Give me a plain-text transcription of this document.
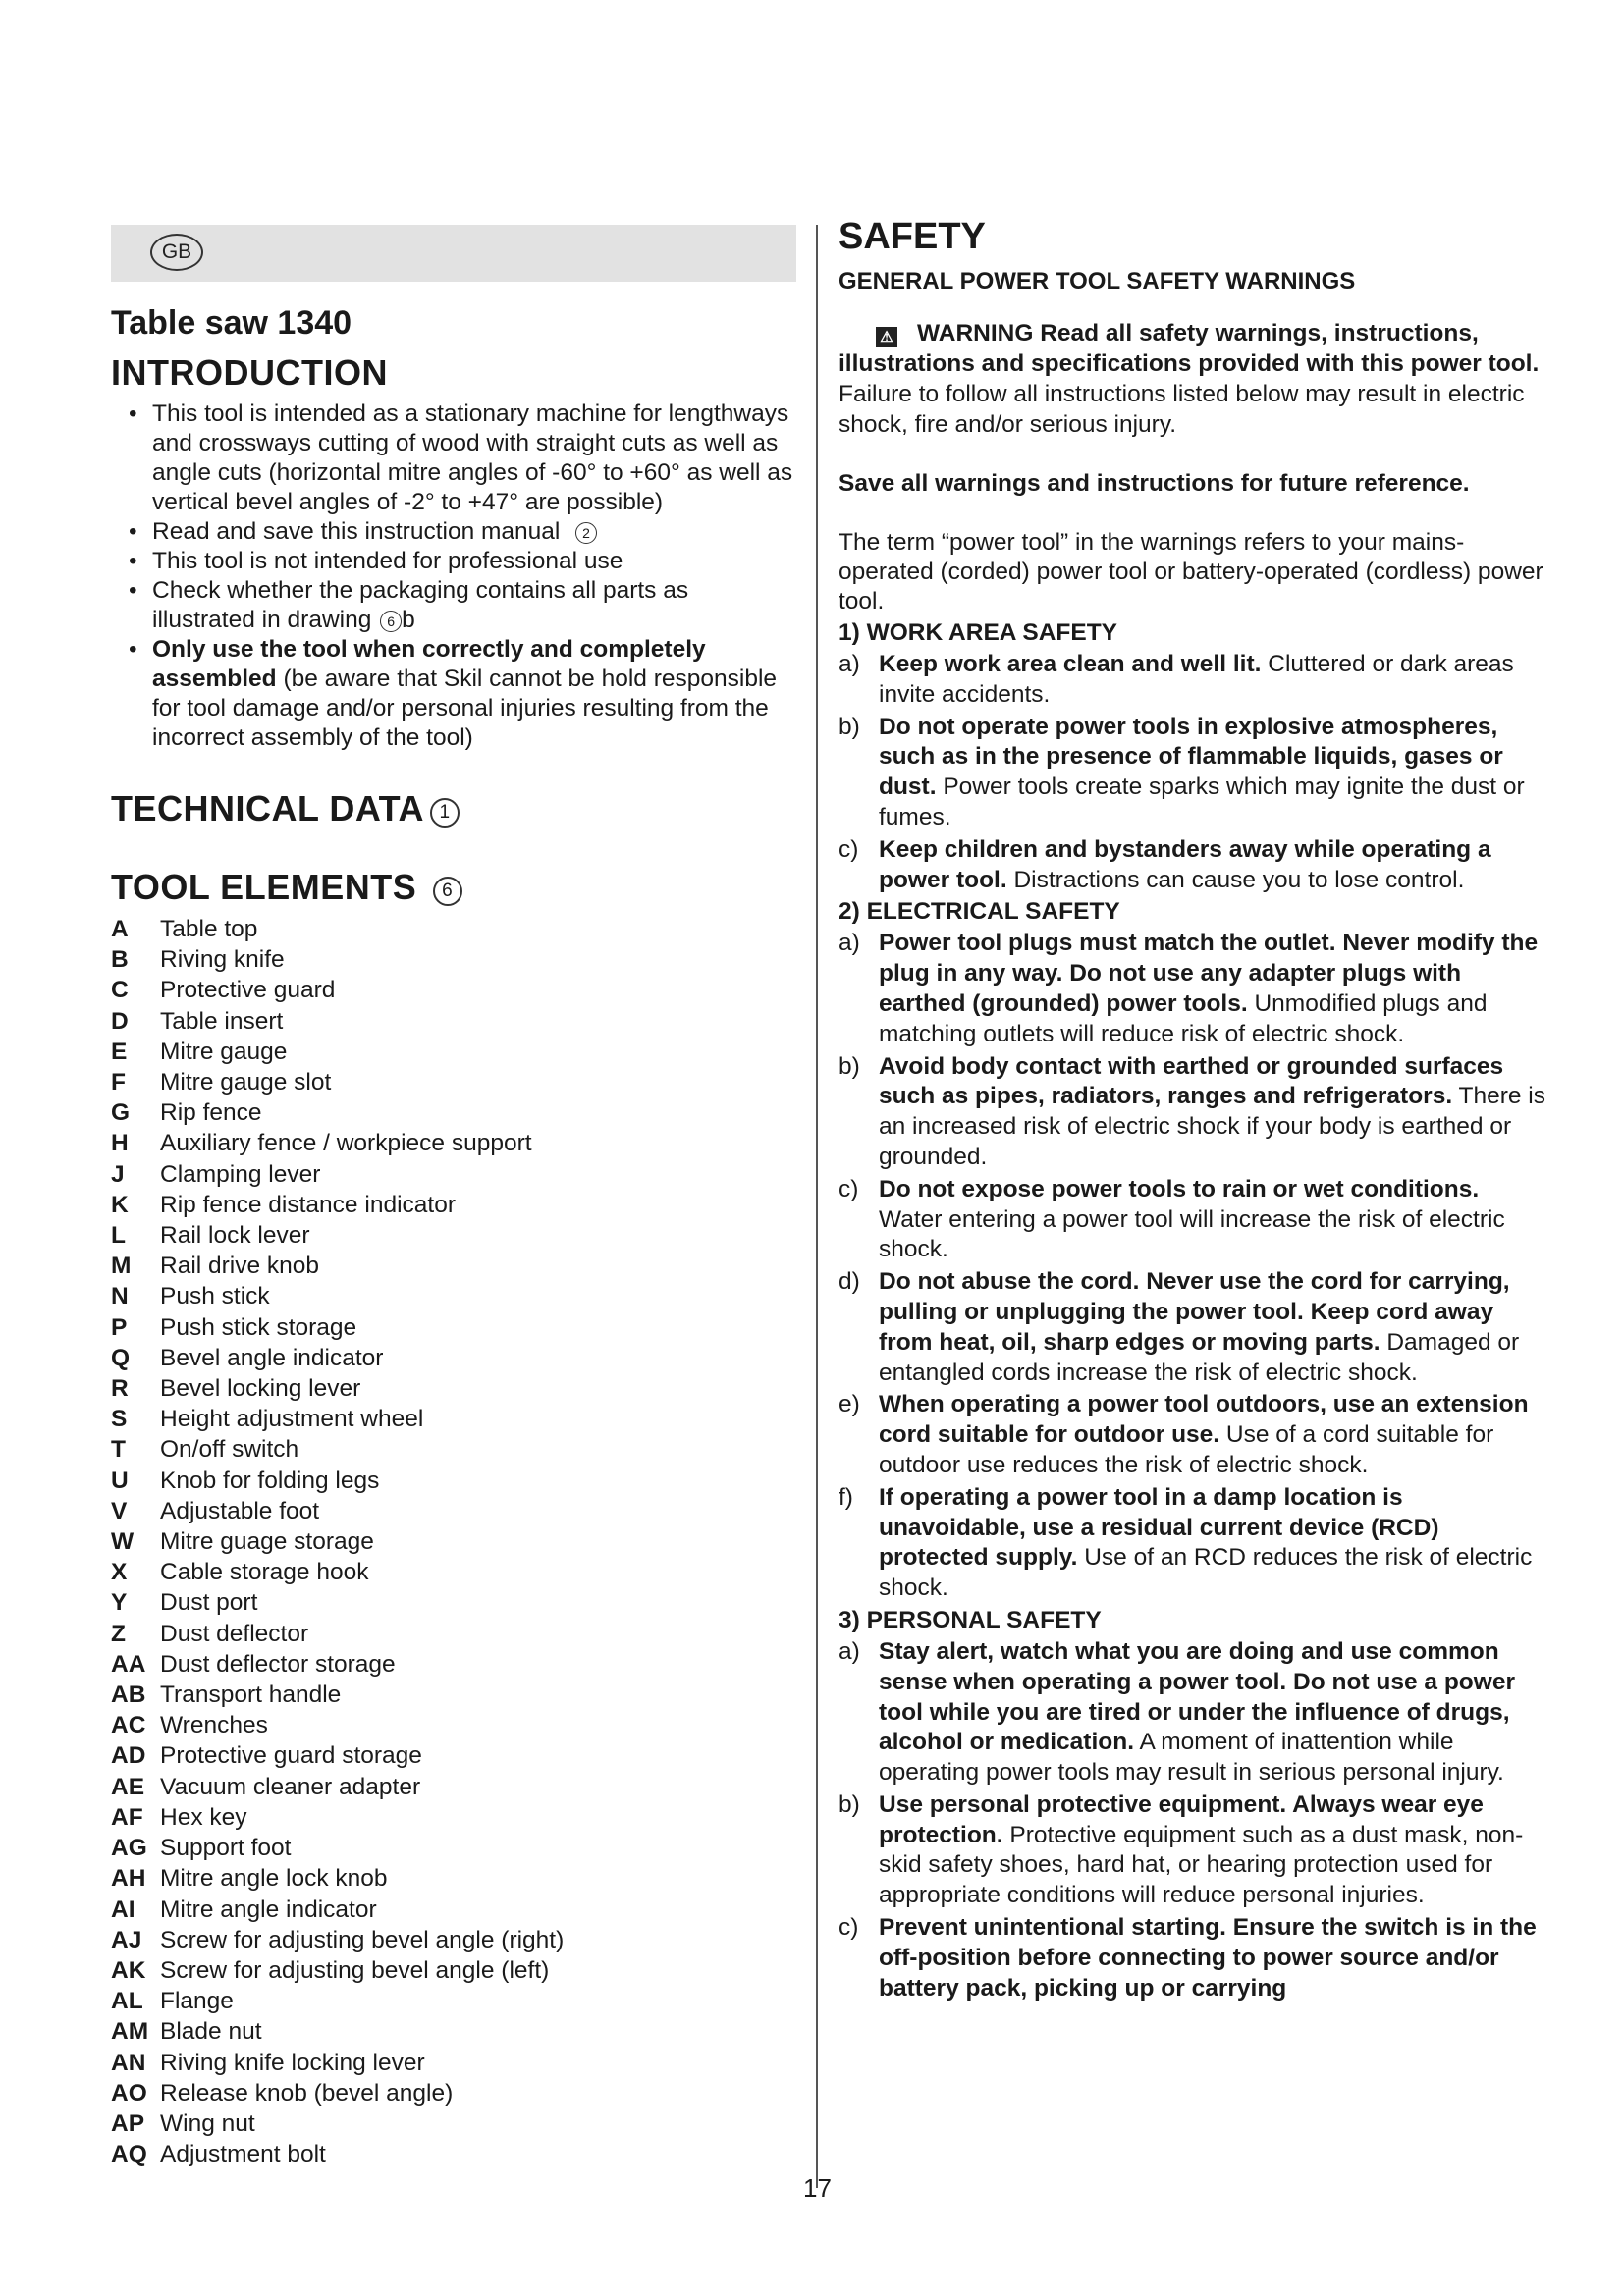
GB
Table saw 1340
INTRODUCTION
• This tool is intended as a stationary machine for lengthways and crossways cutting of wood with straight cuts as well as angle cuts (horizontal mitre angles of -60° to +60° as well as vertical bevel angles of -2° to +47° are possible)
• Read and save this instruction manual 2
• This tool is not intended for professional use
• Check whether the packaging contains all parts as illustrated in drawing 6 b
• Only use the tool when correctly and completely assembled (be aware that Skil cannot be hold responsible for tool damage and/or personal injuries resulting from the incorrect assembly of the tool)
TECHNICAL DATA 1
TOOL ELEMENTS 6
A Table top
B Riving knife
C Protective guard
D Table insert
E Mitre gauge
F Mitre gauge slot
G Rip fence
H Auxiliary fence / workpiece support
J Clamping lever
K Rip fence distance indicator
L Rail lock lever
M Rail drive knob
N Push stick
P Push stick storage
Q Bevel angle indicator
R Bevel locking lever
S Height adjustment wheel
T On/off switch
U Knob for folding legs
V Adjustable foot
W Mitre guage storage
X Cable storage hook
Y Dust port
Z Dust deflector
AA Dust deflector storage
AB Transport handle
AC Wrenches
AD Protective guard storage
AE Vacuum cleaner adapter
AF Hex key
AG Support foot
AH Mitre angle lock knob
AI Mitre angle indicator
AJ Screw for adjusting bevel angle (right)
AK Screw for adjusting bevel angle (left)
AL Flange
AM Blade nut
AN Riving knife locking lever
AO Release knob (bevel angle)
AP Wing nut
AQ Adjustment bolt
17
SAFETY
GENERAL POWER TOOL SAFETY WARNINGS
⚠ WARNING Read all safety warnings, instructions, illustrations and specifications provided with this power tool. Failure to follow all instructions listed below may result in electric shock, fire and/or serious injury.
Save all warnings and instructions for future reference.
The term “power tool” in the warnings refers to your mains-operated (corded) power tool or battery-operated (cordless) power tool.
1) WORK AREA SAFETY
a) Keep work area clean and well lit. Cluttered or dark areas invite accidents.
b) Do not operate power tools in explosive atmospheres, such as in the presence of flammable liquids, gases or dust. Power tools create sparks which may ignite the dust or fumes.
c) Keep children and bystanders away while operating a power tool. Distractions can cause you to lose control.
2) ELECTRICAL SAFETY
a) Power tool plugs must match the outlet. Never modify the plug in any way. Do not use any adapter plugs with earthed (grounded) power tools. Unmodified plugs and matching outlets will reduce risk of electric shock.
b) Avoid body contact with earthed or grounded surfaces such as pipes, radiators, ranges and refrigerators. There is an increased risk of electric shock if your body is earthed or grounded.
c) Do not expose power tools to rain or wet conditions. Water entering a power tool will increase the risk of electric shock.
d) Do not abuse the cord. Never use the cord for carrying, pulling or unplugging the power tool. Keep cord away from heat, oil, sharp edges or moving parts. Damaged or entangled cords increase the risk of electric shock.
e) When operating a power tool outdoors, use an extension cord suitable for outdoor use. Use of a cord suitable for outdoor use reduces the risk of electric shock.
f) If operating a power tool in a damp location is unavoidable, use a residual current device (RCD) protected supply. Use of an RCD reduces the risk of electric shock.
3) PERSONAL SAFETY
a) Stay alert, watch what you are doing and use common sense when operating a power tool. Do not use a power tool while you are tired or under the influence of drugs, alcohol or medication. A moment of inattention while operating power tools may result in serious personal injury.
b) Use personal protective equipment. Always wear eye protection. Protective equipment such as a dust mask, non-skid safety shoes, hard hat, or hearing protection used for appropriate conditions will reduce personal injuries.
c) Prevent unintentional starting. Ensure the switch is in the off-position before connecting to power source and/or battery pack, picking up or carrying
